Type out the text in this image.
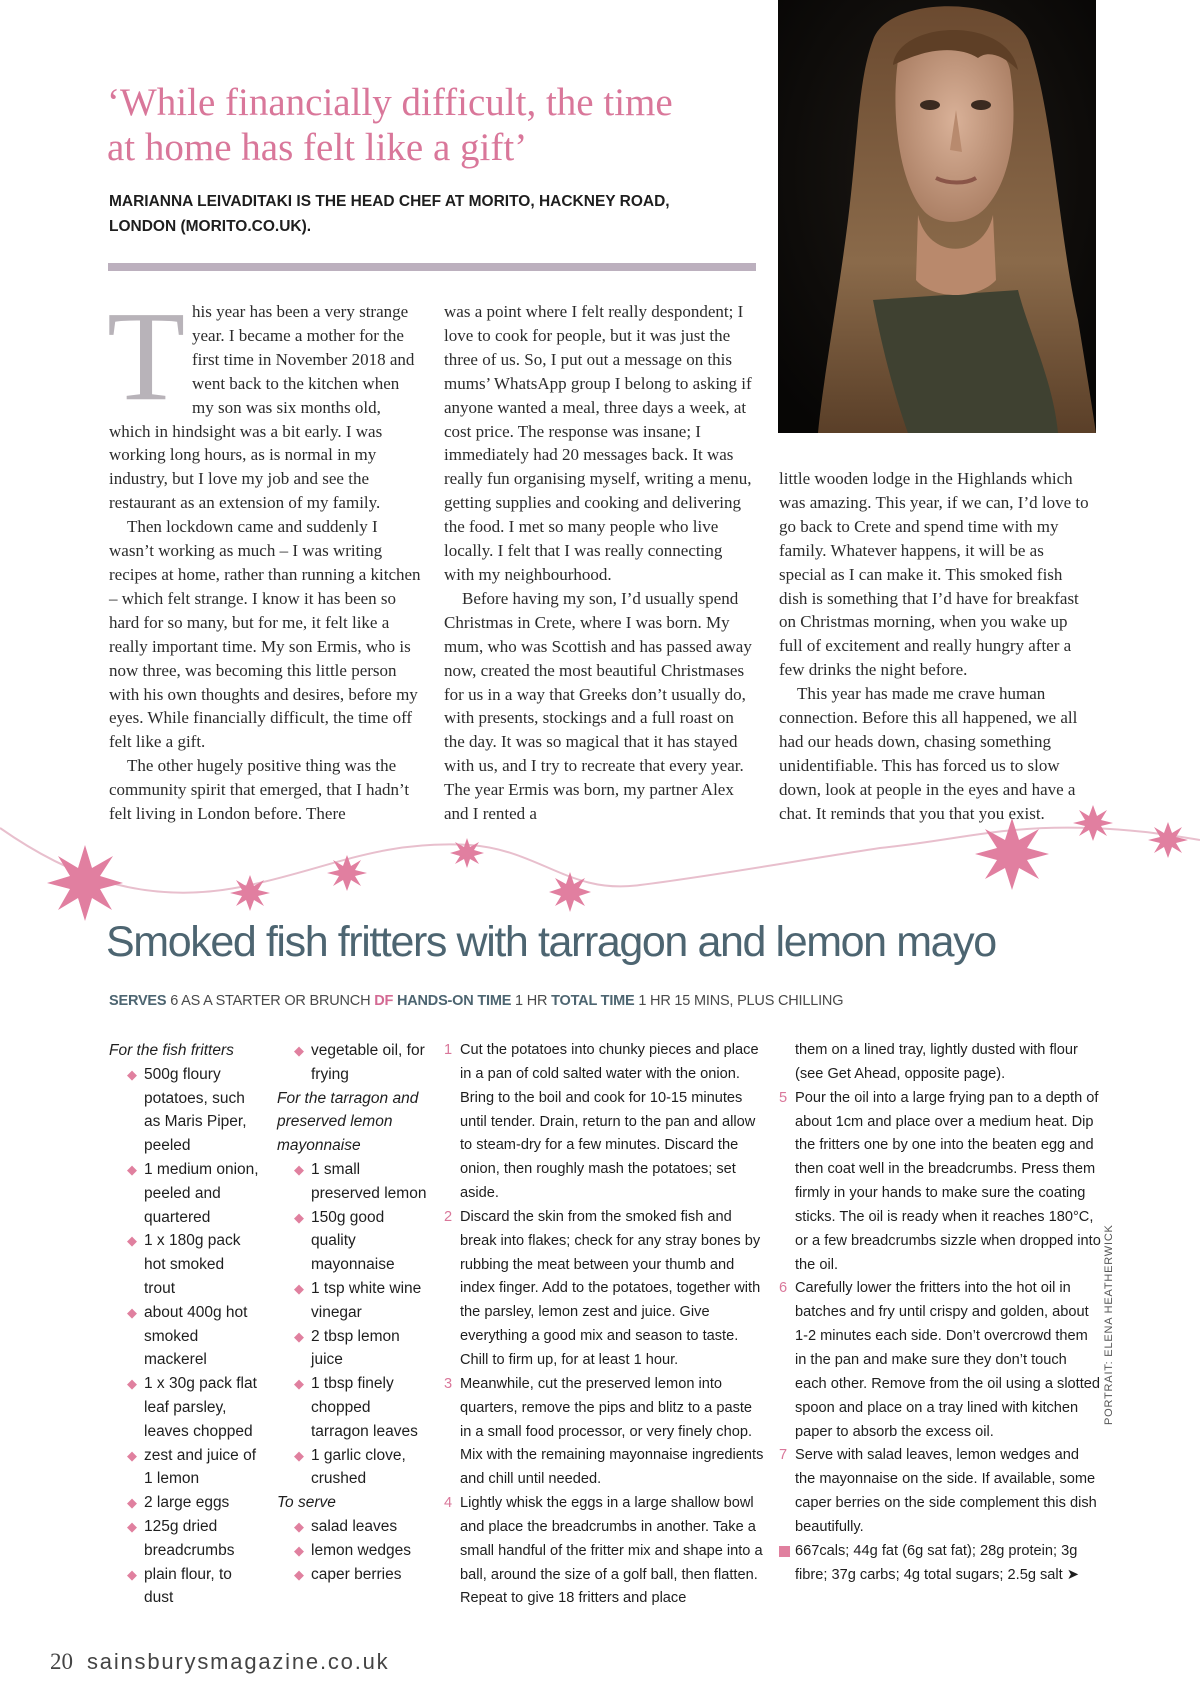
‘While financially difficult, the time at home has felt like a gift’
MARIANNA LEIVADITAKI IS THE HEAD CHEF AT MORITO, HACKNEY ROAD, LONDON (MORITO.CO.UK).

This year has been a very strange year. I became a mother for the first time in November 2018 and went back to the kitchen when my son was six months old, which in hindsight was a bit early. I was working long hours, as is normal in my industry, but I love my job and see the restaurant as an extension of my family.

Then lockdown came and suddenly I wasn’t working as much – I was writing recipes at home, rather than running a kitchen – which felt strange. I know it has been so hard for so many, but for me, it felt like a really important time. My son Ermis, who is now three, was becoming this little person with his own thoughts and desires, before my eyes. While financially difficult, the time off felt like a gift.

The other hugely positive thing was the community spirit that emerged, that I hadn’t felt living in London before. There

was a point where I felt really despondent; I love to cook for people, but it was just the three of us. So, I put out a message on this mums’ WhatsApp group I belong to asking if anyone wanted a meal, three days a week, at cost price. The response was insane; I immediately had 20 messages back. It was really fun organising myself, writing a menu, getting supplies and cooking and delivering the food. I met so many people who live locally. I felt that I was really connecting with my neighbourhood.

Before having my son, I’d usually spend Christmas in Crete, where I was born. My mum, who was Scottish and has passed away now, created the most beautiful Christmases for us in a way that Greeks don’t usually do, with presents, stockings and a full roast on the day. It was so magical that it has stayed with us, and I try to recreate that every year. The year Ermis was born, my partner Alex and I rented a

little wooden lodge in the Highlands which was amazing. This year, if we can, I’d love to go back to Crete and spend time with my family. Whatever happens, it will be as special as I can make it. This smoked fish dish is something that I’d have for breakfast on Christmas morning, when you wake up full of excitement and really hungry after a few drinks the night before.

This year has made me crave human connection. Before this all happened, we all had our heads down, chasing something unidentifiable. This has forced us to slow down, look at people in the eyes and have a chat. It reminds that you that you exist.

Smoked fish fritters with tarragon and lemon mayo
SERVES 6 AS A STARTER OR BRUNCH DF HANDS-ON TIME 1 HR TOTAL TIME 1 HR 15 MINS, PLUS CHILLING
For the fish fritters
◆ 500g floury potatoes, such as Maris Piper, peeled
◆ 1 medium onion, peeled and quartered
◆ 1 x 180g pack hot smoked trout
◆ about 400g hot smoked mackerel
◆ 1 x 30g pack flat leaf parsley, leaves chopped
◆ zest and juice of 1 lemon
◆ 2 large eggs
◆ 125g dried breadcrumbs
◆ plain flour, to dust
◆ vegetable oil, for frying
For the tarragon and preserved lemon mayonnaise
◆ 1 small preserved lemon
◆ 150g good quality mayonnaise
◆ 1 tsp white wine vinegar
◆ 2 tbsp lemon juice
◆ 1 tbsp finely chopped tarragon leaves
◆ 1 garlic clove, crushed
To serve
◆ salad leaves
◆ lemon wedges
◆ caper berries
1 Cut the potatoes into chunky pieces and place in a pan of cold salted water with the onion. Bring to the boil and cook for 10-15 minutes until tender. Drain, return to the pan and allow to steam-dry for a few minutes. Discard the onion, then roughly mash the potatoes; set aside.
2 Discard the skin from the smoked fish and break into flakes; check for any stray bones by rubbing the meat between your thumb and index finger. Add to the potatoes, together with the parsley, lemon zest and juice. Give everything a good mix and season to taste. Chill to firm up, for at least 1 hour.
3 Meanwhile, cut the preserved lemon into quarters, remove the pips and blitz to a paste in a small food processor, or very finely chop. Mix with the remaining mayonnaise ingredients and chill until needed.
4 Lightly whisk the eggs in a large shallow bowl and place the breadcrumbs in another. Take a small handful of the fritter mix and shape into a ball, around the size of a golf ball, then flatten. Repeat to give 18 fritters and place
them on a lined tray, lightly dusted with flour (see Get Ahead, opposite page).
5 Pour the oil into a large frying pan to a depth of about 1cm and place over a medium heat. Dip the fritters one by one into the beaten egg and then coat well in the breadcrumbs. Press them firmly in your hands to make sure the coating sticks. The oil is ready when it reaches 180°C, or a few breadcrumbs sizzle when dropped into the oil.
6 Carefully lower the fritters into the hot oil in batches and fry until crispy and golden, about 1-2 minutes each side. Don’t overcrowd them in the pan and make sure they don’t touch each other. Remove from the oil using a slotted spoon and place on a tray lined with kitchen paper to absorb the excess oil.
7 Serve with salad leaves, lemon wedges and the mayonnaise on the side. If available, some caper berries on the side complement this dish beautifully.
667cals; 44g fat (6g sat fat); 28g protein; 3g fibre; 37g carbs; 4g total sugars; 2.5g salt ➤
PORTRAIT: ELENA HEATHERWICK
20 sainsburysmagazine.co.uk
